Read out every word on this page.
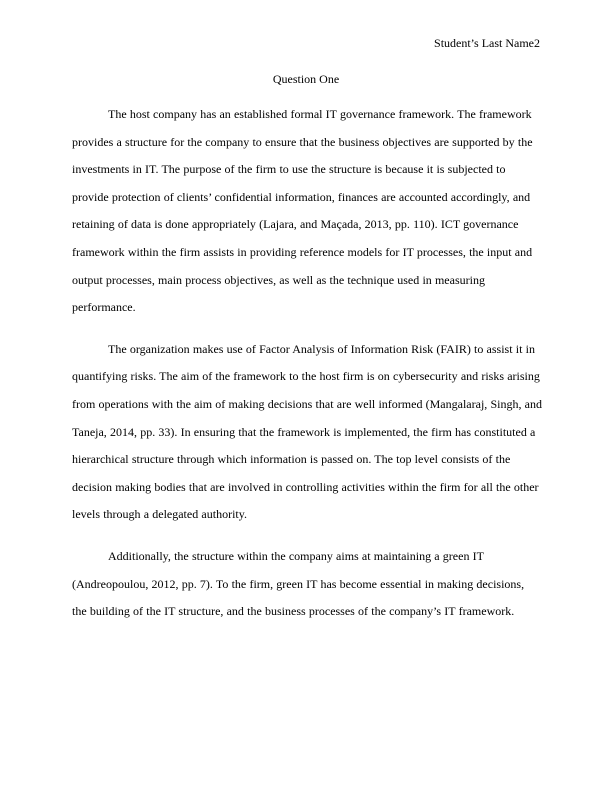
Student’s Last Name2
Question One

The host company has an established formal IT governance framework. The framework
provides a structure for the company to ensure that the business objectives are supported by the
investments in IT. The purpose of the firm to use the structure is because it is subjected to
provide protection of clients’ confidential information, finances are accounted accordingly, and
retaining of data is done appropriately (Lajara, and Maçada, 2013, pp. 110). ICT governance
framework within the firm assists in providing reference models for IT processes, the input and
output processes, main process objectives, as well as the technique used in measuring
performance.

The organization makes use of Factor Analysis of Information Risk (FAIR) to assist it in
quantifying risks. The aim of the framework to the host firm is on cybersecurity and risks arising
from operations with the aim of making decisions that are well informed (Mangalaraj, Singh, and
Taneja, 2014, pp. 33). In ensuring that the framework is implemented, the firm has constituted a
hierarchical structure through which information is passed on. The top level consists of the
decision making bodies that are involved in controlling activities within the firm for all the other
levels through a delegated authority.

Additionally, the structure within the company aims at maintaining a green IT
(Andreopoulou, 2012, pp. 7). To the firm, green IT has become essential in making decisions,
the building of the IT structure, and the business processes of the company’s IT framework.
